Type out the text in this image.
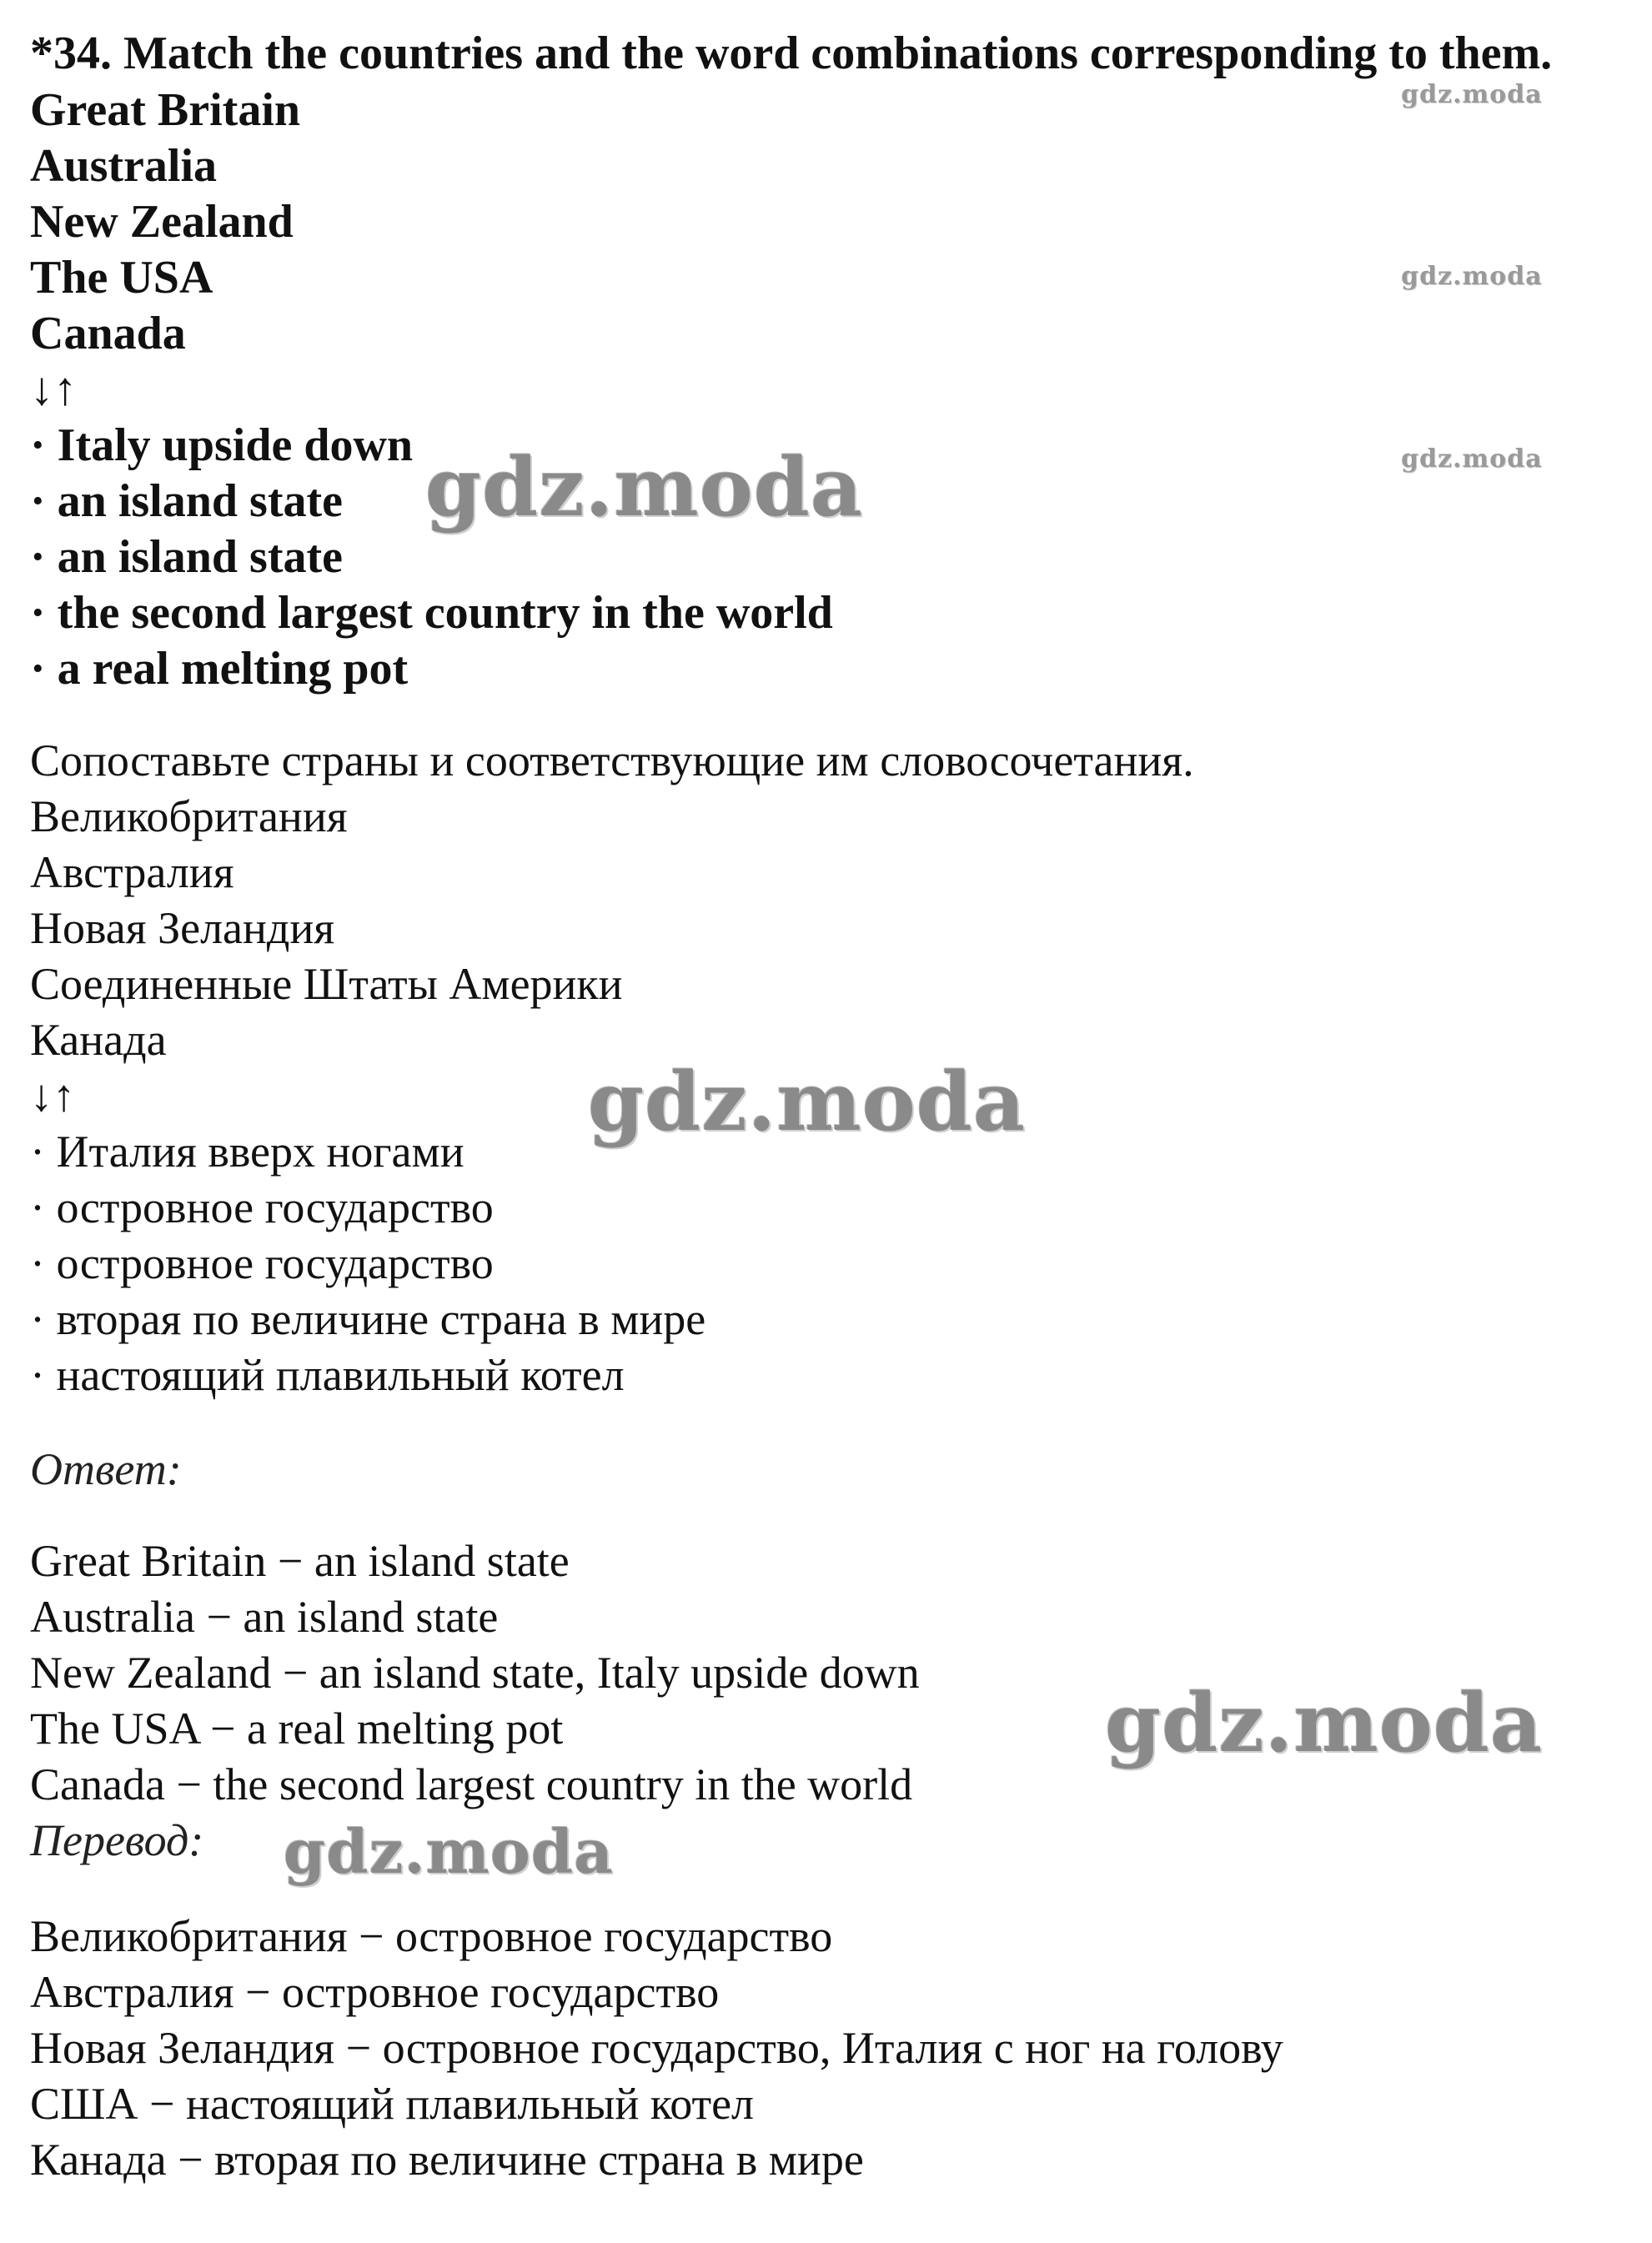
*34. Match the countries and the word combinations corresponding to them.
Great Britain
Australia
New Zealand
The USA
Canada
↓↑
· Italy upside down
· an island state
· an island state
· the second largest country in the world
· a real melting pot
Сопоставьте страны и соответствующие им словосочетания.
Великобритания
Австралия
Новая Зеландия
Соединенные Штаты Америки
Канада
↓↑
· Италия вверх ногами
· островное государство
· островное государство
· вторая по величине страна в мире
· настоящий плавильный котел
Ответ:
Great Britain − an island state
Australia − an island state
New Zealand − an island state, Italy upside down
The USA − a real melting pot
Canada − the second largest country in the world
Перевод:
Великобритания − островное государство
Австралия − островное государство
Новая Зеландия − островное государство, Италия с ног на голову
США − настоящий плавильный котел
Канада − вторая по величине страна в мире
gdz.moda
gdz.moda
gdz.moda
gdz.moda
gdz.moda
gdz.moda
gdz.moda
